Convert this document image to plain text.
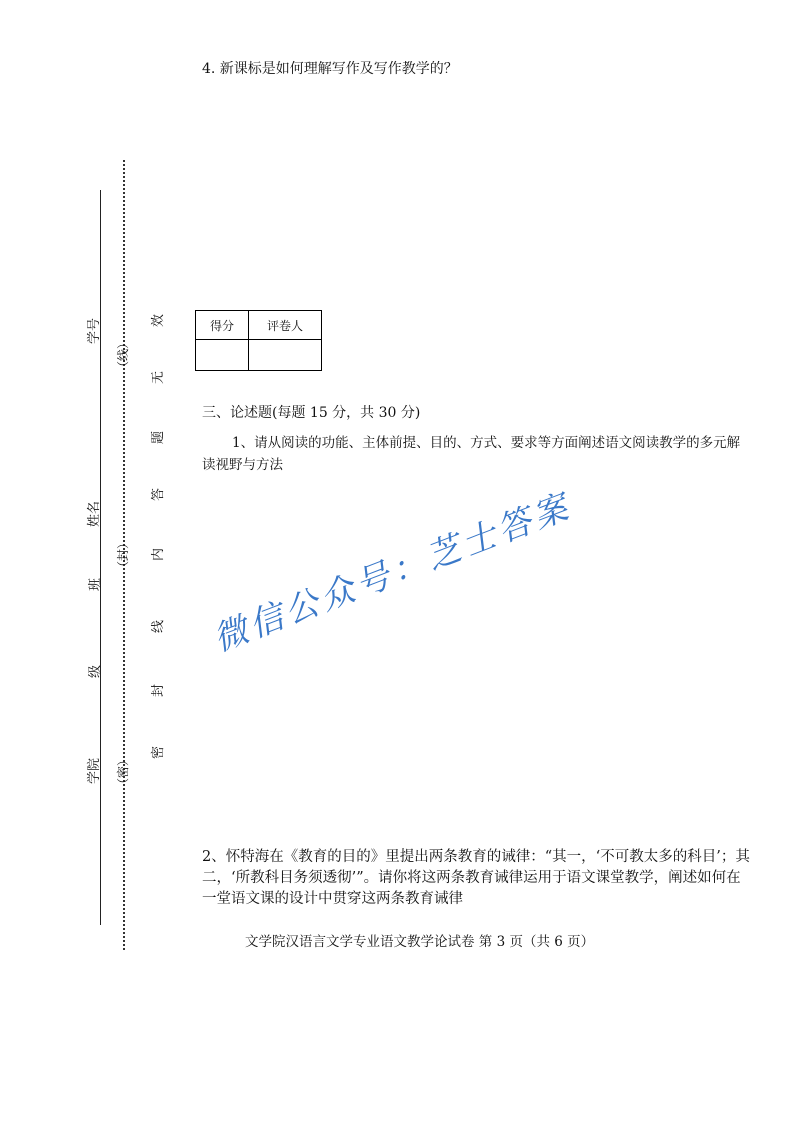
4. 新课标是如何理解写作及写作教学的？
学号
姓名
班
级
学院
（线）
（封）
（密）
效
无
题
答
内
线
封
密
得分	评卷人

三、论述题(每题 15 分，共 30 分)
1、请从阅读的功能、主体前提、目的、方式、要求等方面阐述语文阅读教学的多元解读视野与方法
微信公众号：芝士答案
2、怀特海在《教育的目的》里提出两条教育的诫律：“其一，‘不可教太多的科目’；其二，‘所教科目务须透彻’”。请你将这两条教育诫律运用于语文课堂教学，阐述如何在一堂语文课的设计中贯穿这两条教育诫律
文学院汉语言文学专业语文教学论试卷 第 3 页（共 6 页）
